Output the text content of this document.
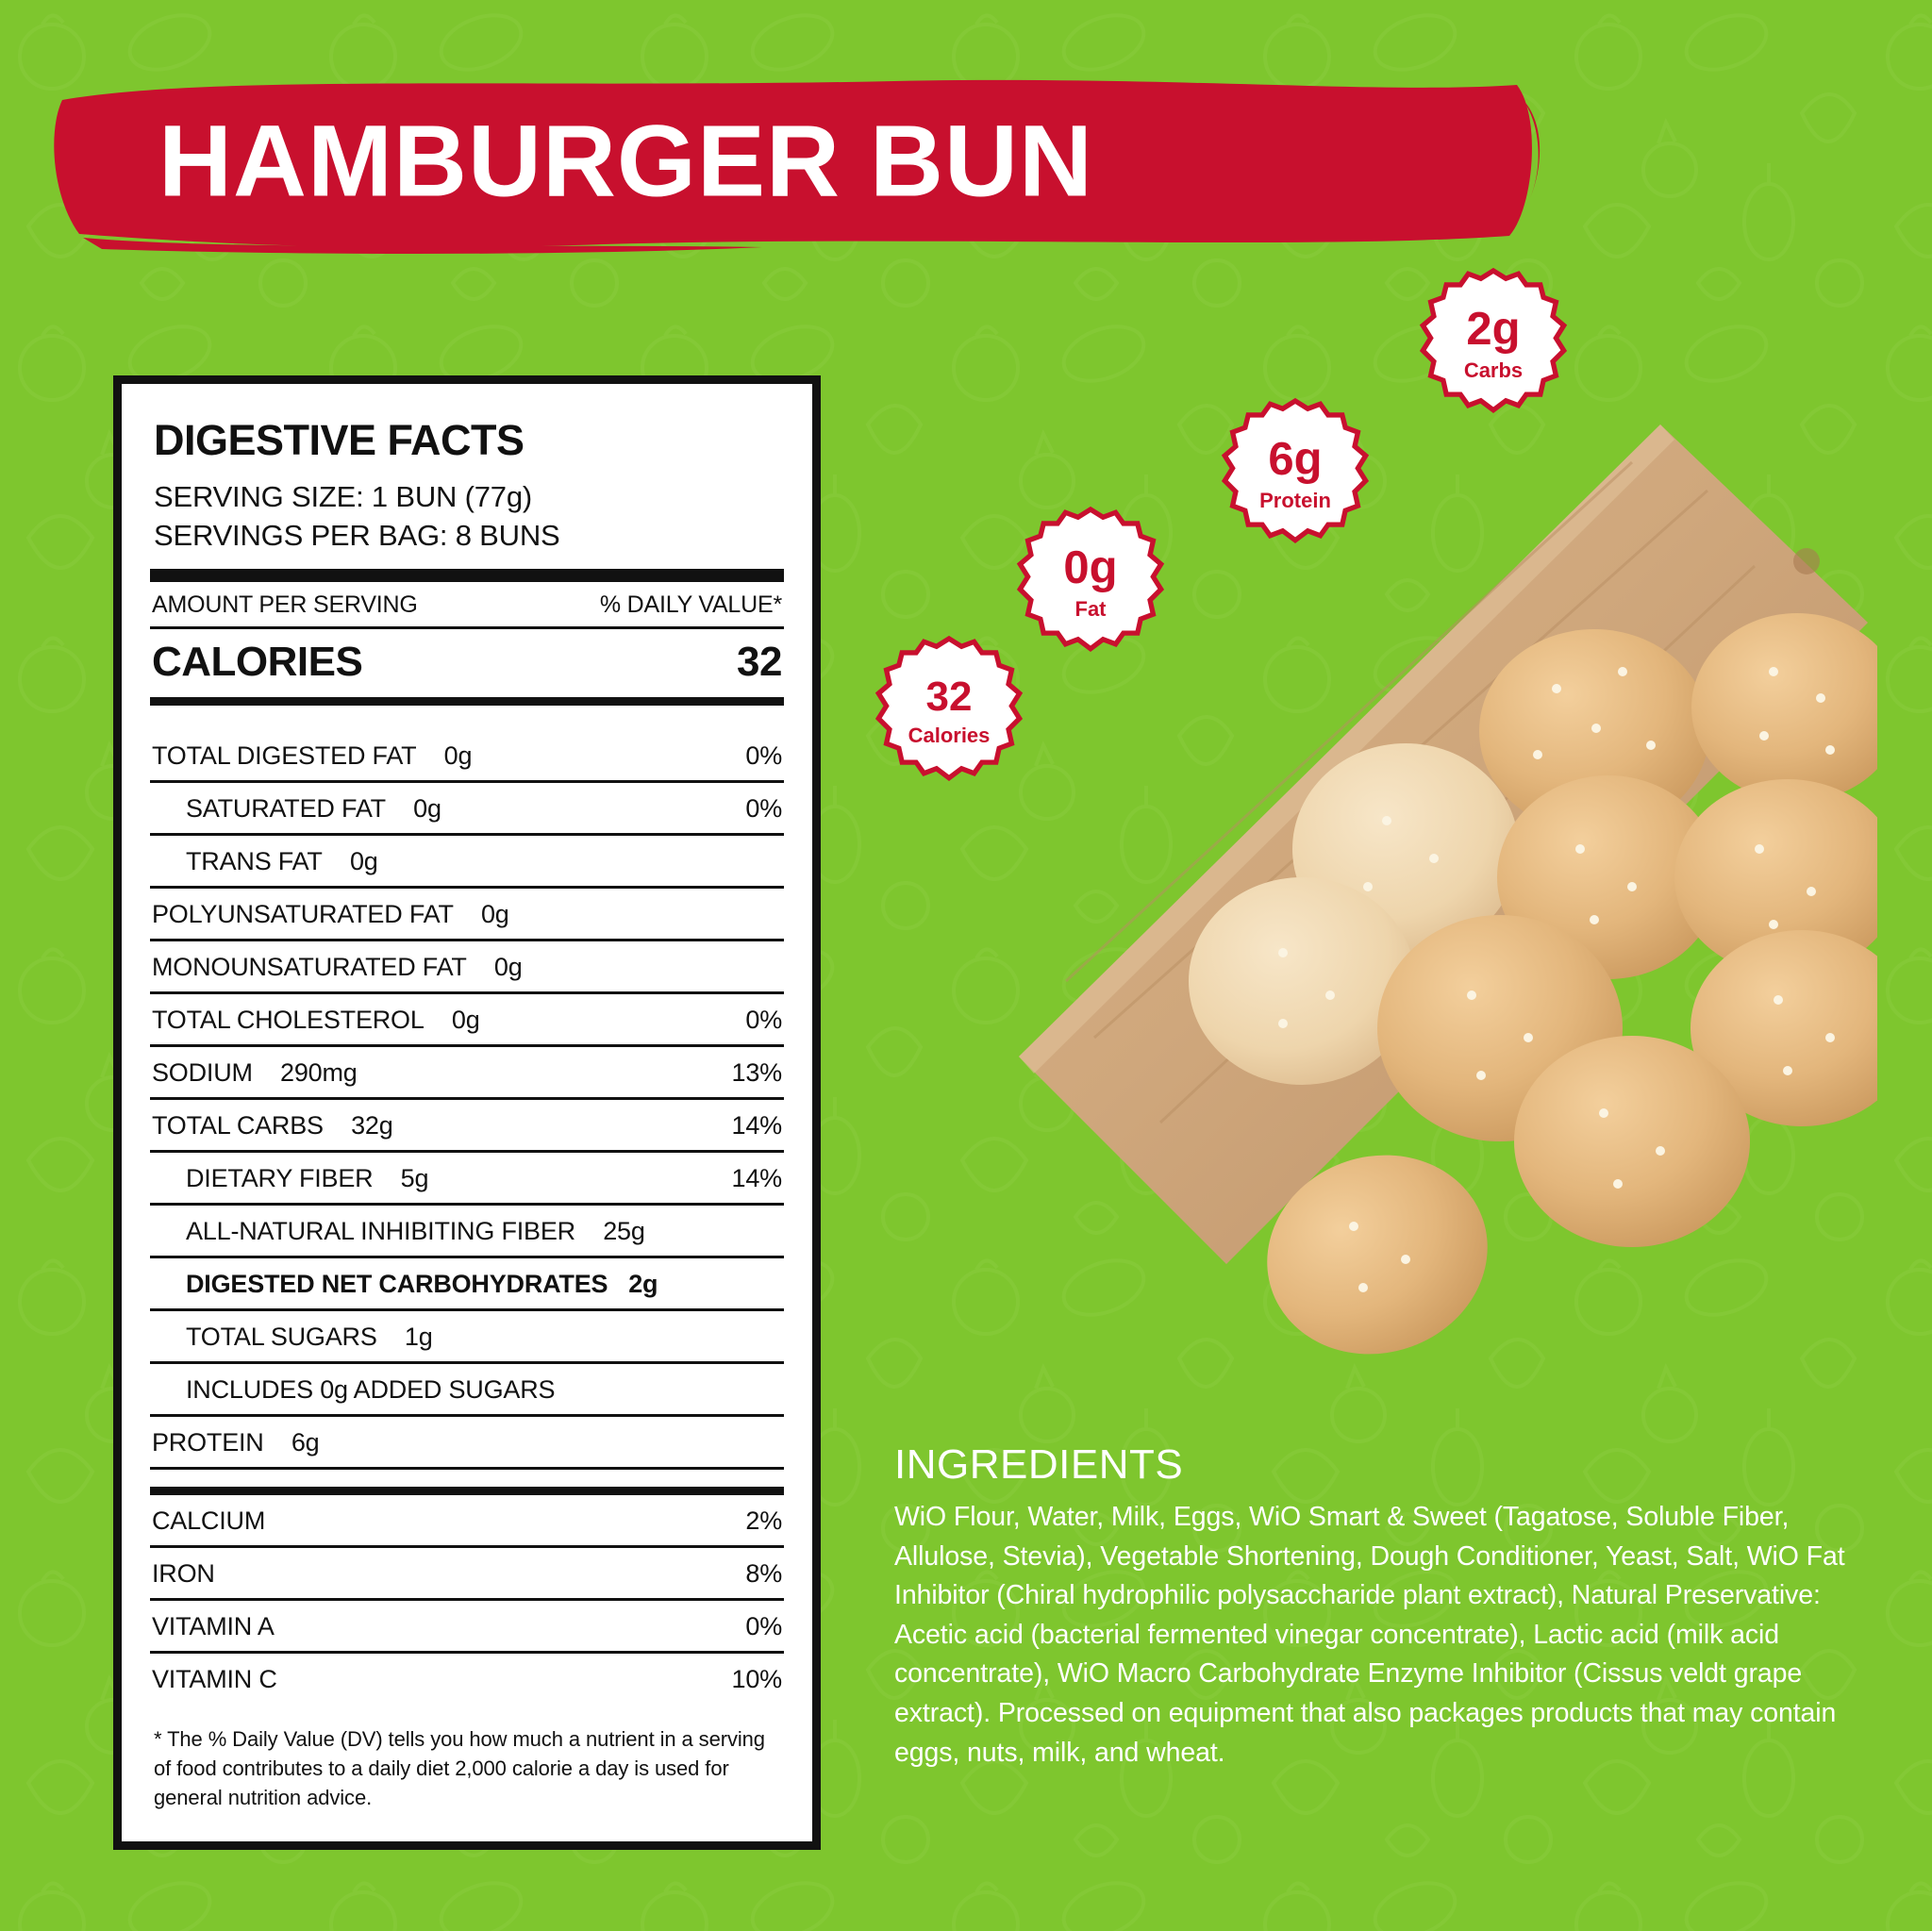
HAMBURGER BUN
32
Calories
0g
Fat
6g
Protein
2g
Carbs
DIGESTIVE FACTS
SERVING SIZE: 1 BUN (77g)
SERVINGS PER BAG: 8 BUNS
AMOUNT PER SERVING	% DAILY VALUE*
CALORIES	32
TOTAL DIGESTED FAT 0g	0%
SATURATED FAT 0g	0%
TRANS FAT 0g
POLYUNSATURATED FAT 0g
MONOUNSATURATED FAT 0g
TOTAL CHOLESTEROL 0g	0%
SODIUM 290mg	13%
TOTAL CARBS 32g	14%
DIETARY FIBER 5g	14%
ALL-NATURAL INHIBITING FIBER 25g
DIGESTED NET CARBOHYDRATES 2g
TOTAL SUGARS 1g
INCLUDES 0g ADDED SUGARS
PROTEIN 6g
CALCIUM	2%
IRON	8%
VITAMIN A	0%
VITAMIN C	10%
* The % Daily Value (DV) tells you how much a nutrient in a serving of food contributes to a daily diet 2,000 calorie a day is used for general nutrition advice.
INGREDIENTS
WiO Flour, Water, Milk, Eggs, WiO Smart & Sweet (Tagatose, Soluble Fiber, Allulose, Stevia), Vegetable Shortening, Dough Conditioner, Yeast, Salt, WiO Fat Inhibitor (Chiral hydrophilic polysaccharide plant extract), Natural Preservative: Acetic acid (bacterial fermented vinegar concentrate), Lactic acid (milk acid concentrate), WiO Macro Carbohydrate Enzyme Inhibitor (Cissus veldt grape extract). Processed on equipment that also packages products that may contain eggs, nuts, milk, and wheat.
